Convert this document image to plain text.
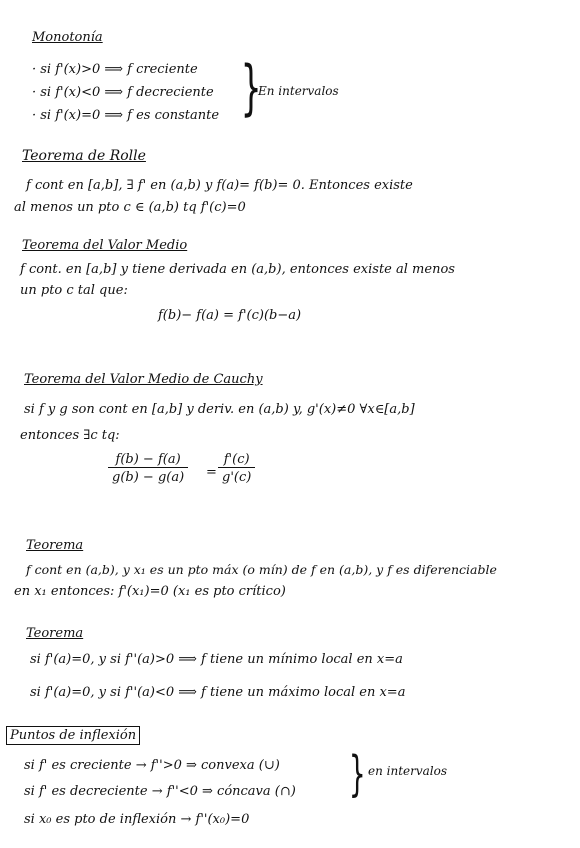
Monotonía
· si f'(x)>0 ⟹ f creciente
· si f'(x)<0 ⟹ f decreciente
· si f'(x)=0 ⟹ f es constante }
En intervalos
Teorema de Rolle
f cont en [a,b], ∃ f' en (a,b) y f(a)= f(b)= 0. Entonces existe
al menos un pto c ∈ (a,b) tq f'(c)=0
Teorema del Valor Medio
f cont. en [a,b] y tiene derivada en (a,b), entonces existe al menos
un pto c tal que:
f(b)− f(a) = f'(c)(b−a)
Teorema del Valor Medio de Cauchy
si f y g son cont en [a,b] y deriv. en (a,b) y, g'(x)≠0 ∀x∈[a,b]
entonces ∃c tq:
$\frac{f(b) - f(a)}{g(b) - g(a)} = \frac{f'(c)}{g'(c)}$
Teorema
f cont en (a,b), y x₁ es un pto máx (o mín) de f en (a,b), y f es diferenciable
en x₁ entonces: f'(x₁)=0 (x₁ es pto crítico)
Teorema
si f'(a)=0, y si f''(a)>0 ⟹ f tiene un mínimo local en x=a
si f'(a)=0, y si f''(a)<0 ⟹ f tiene un máximo local en x=a
Puntos de inflexión
si f' es creciente → f''>0 ⇒ convexa (∪)
si f' es decreciente → f''<0 ⇒ cóncava (∩)
si x₀ es pto de inflexión → f''(x₀)=0
} en intervalos
